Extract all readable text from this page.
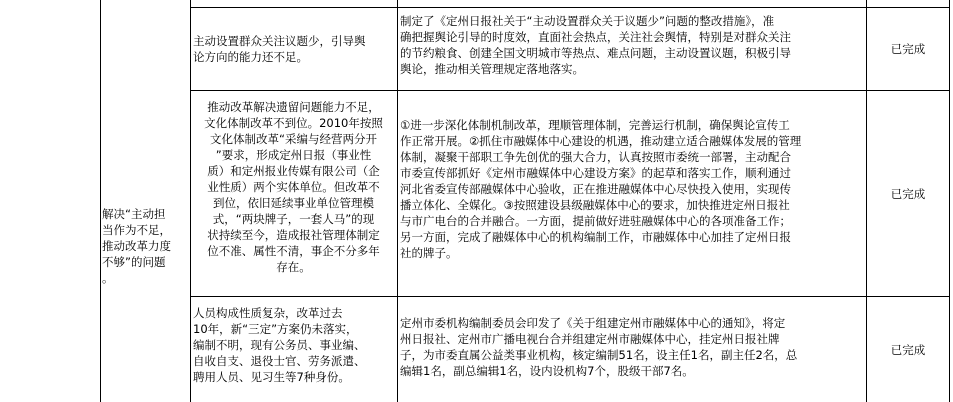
主动设置群众关注议题少，引导舆
论方向的能力还不足。
制定了《定州日报社关于“主动设置群众关于议题少”问题的整改措施》，准
确把握舆论引导的时度效，直面社会热点，关注社会舆情，特别是对群众关注
的节约粮食、创建全国文明城市等热点、难点问题，主动设置议题，积极引导
舆论，推动相关管理规定落地落实。
已完成
解决“主动担
当作为不足，
推动改革力度
不够”的问题
。
推动改革解决遗留问题能力不足，
文化体制改革不到位。2010年按照
文化体制改革“采编与经营两分开
”要求，形成定州日报（事业性
质）和定州报业传媒有限公司（企
业性质）两个实体单位。但改革不
到位，依旧延续事业单位管理模
式，“两块牌子，一套人马”的现
状持续至今，造成报社管理体制定
位不准、属性不清，事企不分多年
存在。
①进一步深化体制机制改革，理顺管理体制，完善运行机制，确保舆论宣传工
作正常开展。②抓住市融媒体中心建设的机遇，推动建立适合融媒体发展的管理
体制，凝聚干部职工争先创优的强大合力，认真按照市委统一部署，主动配合
市委宣传部抓好《定州市融媒体中心建设方案》的起草和落实工作，顺利通过
河北省委宣传部融媒体中心验收，正在推进融媒体中心尽快投入使用，实现传
播立体化、全媒化。③按照建设县级融媒体中心的要求，加快推进定州日报社
与市广电台的合并融合。一方面，提前做好进驻融媒体中心的各项准备工作；
另一方面，完成了融媒体中心的机构编制工作，市融媒体中心加挂了定州日报
社的牌子。
已完成
人员构成性质复杂，改革过去
10年，新“三定”方案仍未落实，
编制不明，现有公务员、事业编、
自收自支、退役士官、劳务派遣、
聘用人员、见习生等7种身份。
定州市委机构编制委员会印发了《关于组建定州市融媒体中心的通知》，将定
州日报社、定州市广播电视台合并组建定州市融媒体中心，挂定州日报社牌
子，为市委直属公益类事业机构，核定编制51名，设主任1名，副主任2名，总
编辑1名，副总编辑1名，设内设机构7个，股级干部7名。
已完成
